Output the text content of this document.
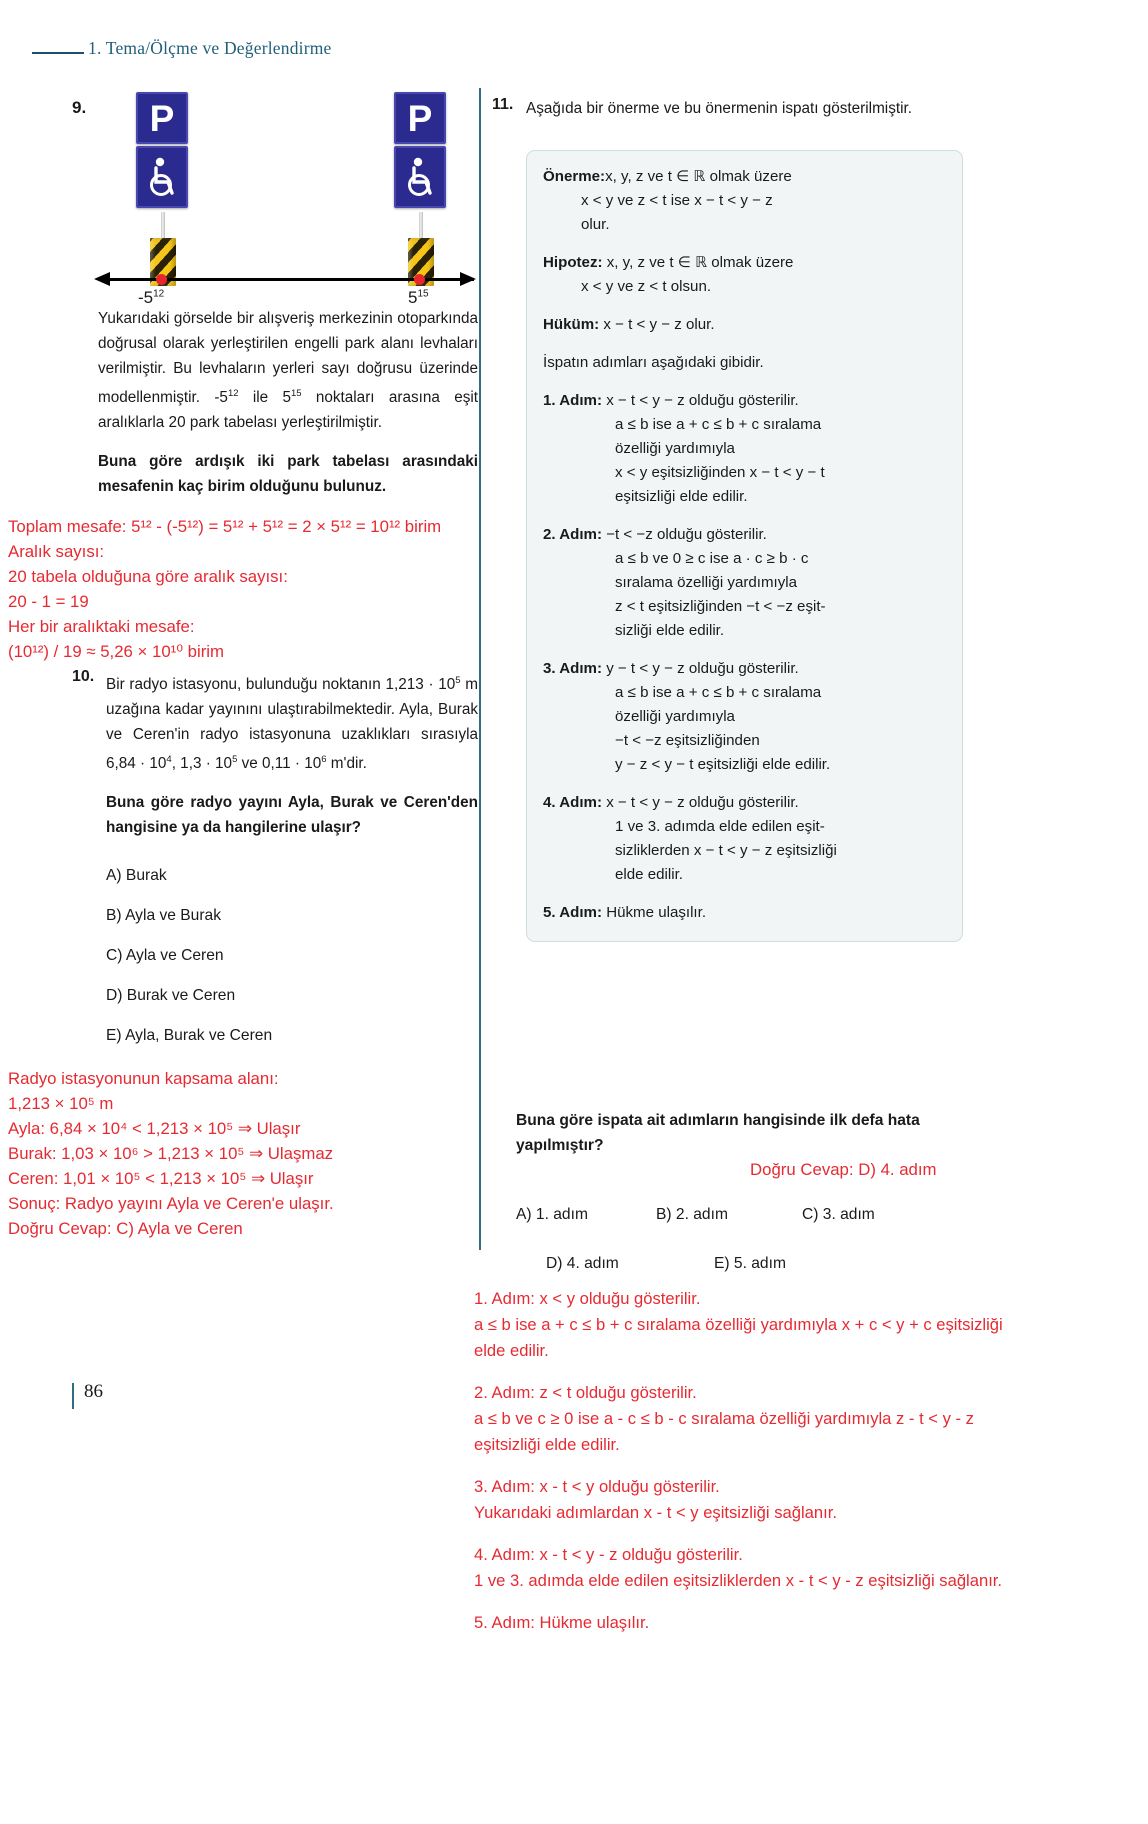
1. Tema/Ölçme ve Değerlendirme
9. P	P
$-5^{12}$	$5^{15}$
Yukarıdaki görselde bir alışveriş merkezinin otoparkında doğrusal olarak yerleştirilen engelli park alanı levhaları verilmiştir. Bu levhaların yerleri sayı doğrusu üzerinde modellenmiştir. $-5^{12}$ ile $5^{15}$ noktaları arasına eşit aralıklarla 20 park tabelası yerleştirilmiştir.
Buna göre ardışık iki park tabelası arasındaki mesafenin kaç birim olduğunu bulunuz.
Toplam mesafe: 5¹² - (-5¹²) = 5¹² + 5¹² = 2 × 5¹² = 10¹² birim
Aralık sayısı:
20 tabela olduğuna göre aralık sayısı:
20 - 1 = 19
Her bir aralıktaki mesafe:
(10¹²) / 19 ≈ 5,26 × 10¹⁰ birim
10. Bir radyo istasyonu, bulunduğu noktanın $1,213 \cdot 10^5$ m uzağına kadar yayınını ulaştırabilmektedir. Ayla, Burak ve Ceren'in radyo istasyonuna uzaklıkları sırasıyla $6,84 \cdot 10^4$, $1,3 \cdot 10^5$ ve $0,11 \cdot 10^6$ m'dir.
Buna göre radyo yayını Ayla, Burak ve Ceren'den hangisine ya da hangilerine ulaşır?
A) Burak
B) Ayla ve Burak
C) Ayla ve Ceren
D) Burak ve Ceren
E) Ayla, Burak ve Ceren
Radyo istasyonunun kapsama alanı:
1,213 × 10⁵ m
Ayla: 6,84 × 10⁴ < 1,213 × 10⁵ ⇒ Ulaşır
Burak: 1,03 × 10⁶ > 1,213 × 10⁵ ⇒ Ulaşmaz
Ceren: 1,01 × 10⁵ < 1,213 × 10⁵ ⇒ Ulaşır
Sonuç: Radyo yayını Ayla ve Ceren'e ulaşır.
Doğru Cevap: C) Ayla ve Ceren
86
11. Aşağıda bir önerme ve bu önermenin ispatı gösterilmiştir.
Önerme:x, y, z ve t ∈ ℝ olmak üzere
x < y ve z < t ise x − t < y − z
olur.
Hipotez: x, y, z ve t ∈ ℝ olmak üzere
x < y ve z < t olsun.
Hüküm: x − t < y − z olur.
İspatın adımları aşağıdaki gibidir.
1. Adım: x − t < y − z olduğu gösterilir.
a ≤ b ise a + c ≤ b + c sıralama
özelliği yardımıyla
x < y eşitsizliğinden x − t < y − t
eşitsizliği elde edilir.
2. Adım: −t < −z olduğu gösterilir.
a ≤ b ve 0 ≥ c ise a · c ≥ b · c
sıralama özelliği yardımıyla
z < t eşitsizliğinden −t < −z eşit-
sizliği elde edilir.
3. Adım: y − t < y − z olduğu gösterilir.
a ≤ b ise a + c ≤ b + c sıralama
özelliği yardımıyla
−t < −z eşitsizliğinden
y − z < y − t eşitsizliği elde edilir.
4. Adım: x − t < y − z olduğu gösterilir.
1 ve 3. adımda elde edilen eşit-
sizliklerden x − t < y − z eşitsizliği
elde edilir.
5. Adım: Hükme ulaşılır.
Buna göre ispata ait adımların hangisinde ilk defa hata yapılmıştır?
Doğru Cevap: D) 4. adım
A) 1. adım	B) 2. adım	C) 3. adım
D) 4. adım	E) 5. adım
1. Adım: x < y olduğu gösterilir.
a ≤ b ise a + c ≤ b + c sıralama özelliği yardımıyla x + c < y + c eşitsizliği elde edilir.
2. Adım: z < t olduğu gösterilir.
a ≤ b ve c ≥ 0 ise a - c ≤ b - c sıralama özelliği yardımıyla z - t < y - z eşitsizliği elde edilir.
3. Adım: x - t < y olduğu gösterilir.
Yukarıdaki adımlardan x - t < y eşitsizliği sağlanır.
4. Adım: x - t < y - z olduğu gösterilir.
1 ve 3. adımda elde edilen eşitsizliklerden x - t < y - z eşitsizliği sağlanır.
5. Adım: Hükme ulaşılır.
